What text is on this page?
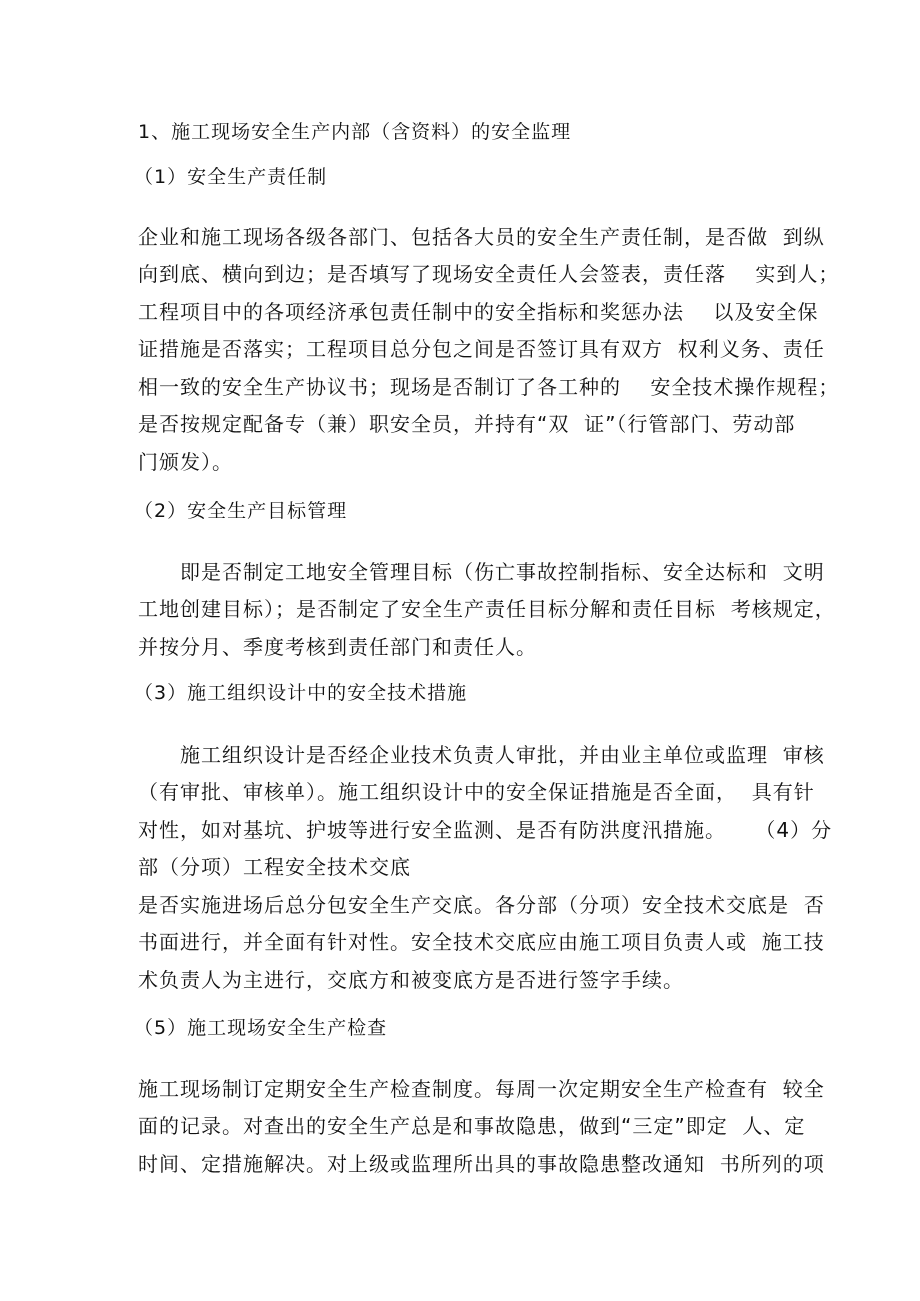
1、施工现场安全生产内部（含资料）的安全监理
（1）安全生产责任制
企业和施工现场各级各部门、包括各大员的安全生产责任制，是否做  到纵
向到底、横向到边；是否填写了现场安全责任人会签表，责任落    实到人；
工程项目中的各项经济承包责任制中的安全指标和奖惩办法    以及安全保
证措施是否落实；工程项目总分包之间是否签订具有双方  权利义务、责任
相一致的安全生产协议书；现场是否制订了各工种的    安全技术操作规程；
是否按规定配备专（兼）职安全员，并持有“双  证”（行管部门、劳动部
门颁发）。
（2）安全生产目标管理
即是否制定工地安全管理目标（伤亡事故控制指标、安全达标和  文明
工地创建目标）；是否制定了安全生产责任目标分解和责任目标  考核规定，
并按分月、季度考核到责任部门和责任人。
（3）施工组织设计中的安全技术措施
施工组织设计是否经企业技术负责人审批，并由业主单位或监理  审核
（有审批、审核单）。施工组织设计中的安全保证措施是否全面，  具有针
对性，如对基坑、护坡等进行安全监测、是否有防洪度汛措施。    （4）分
部（分项）工程安全技术交底
是否实施进场后总分包安全生产交底。各分部（分项）安全技术交底是  否
书面进行，并全面有针对性。安全技术交底应由施工项目负责人或  施工技
术负责人为主进行，交底方和被变底方是否进行签字手续。
（5）施工现场安全生产检查
施工现场制订定期安全生产检查制度。每周一次定期安全生产检查有  较全
面的记录。对查出的安全生产总是和事故隐患，做到“三定”即定  人、定
时间、定措施解决。对上级或监理所出具的事故隐患整改通知  书所列的项
